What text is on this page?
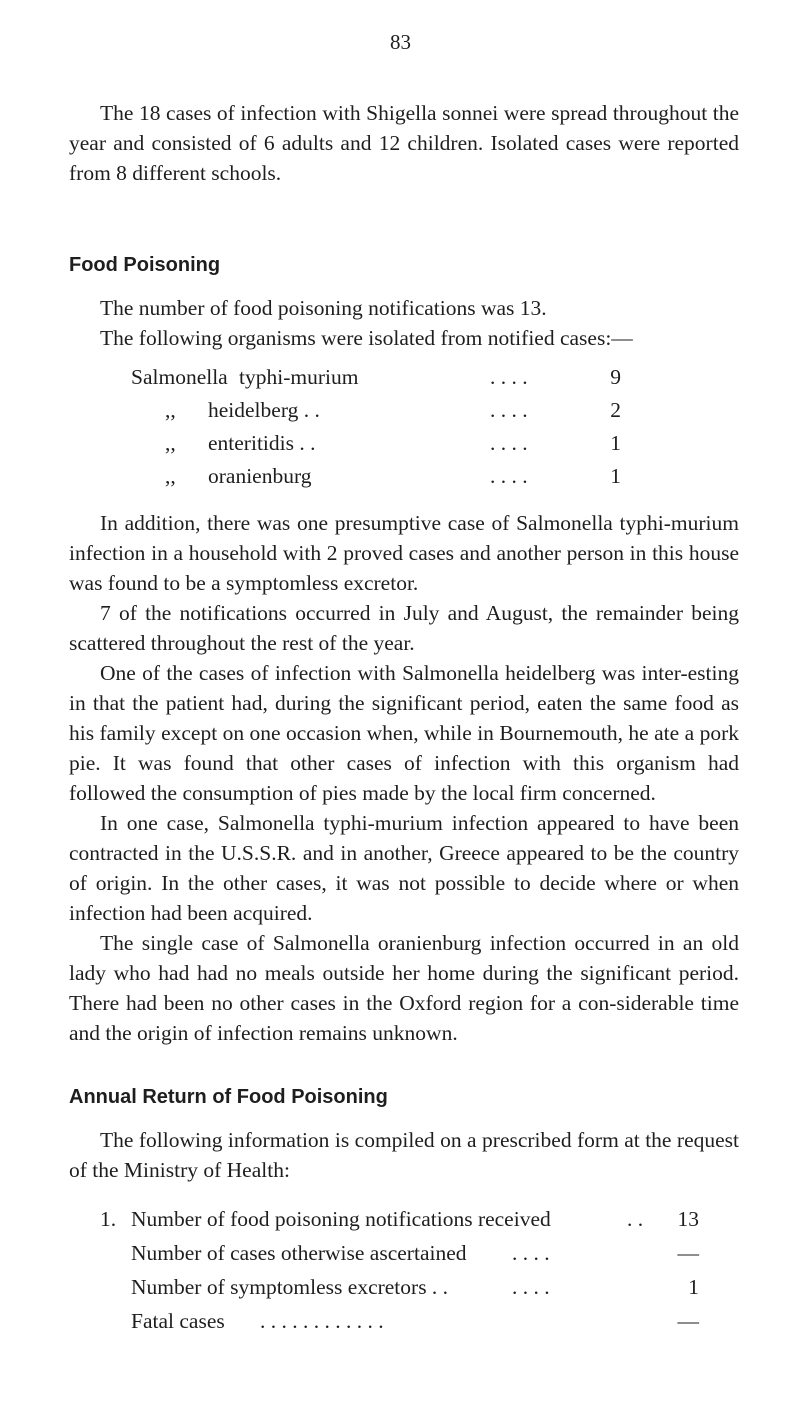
83

The 18 cases of infection with Shigella sonnei were spread throughout the year and consisted of 6 adults and 12 children. Isolated cases were reported from 8 different schools.

Food Poisoning

The number of food poisoning notifications was 13.

The following organisms were isolated from notified cases:—

Salmonella typhi-murium	. . . .	9
,, heidelberg . .	. . . .	2
,, enteritidis . .	. . . .	1
,, oranienburg	. . . .	1

In addition, there was one presumptive case of Salmonella typhi-murium infection in a household with 2 proved cases and another person in this house was found to be a symptomless excretor.

7 of the notifications occurred in July and August, the remainder being scattered throughout the rest of the year.

One of the cases of infection with Salmonella heidelberg was inter-esting in that the patient had, during the significant period, eaten the same food as his family except on one occasion when, while in Bournemouth, he ate a pork pie. It was found that other cases of infection with this organism had followed the consumption of pies made by the local firm concerned.

In one case, Salmonella typhi-murium infection appeared to have been contracted in the U.S.S.R. and in another, Greece appeared to be the country of origin. In the other cases, it was not possible to decide where or when infection had been acquired.

The single case of Salmonella oranienburg infection occurred in an old lady who had had no meals outside her home during the significant period. There had been no other cases in the Oxford region for a con-siderable time and the origin of infection remains unknown.

Annual Return of Food Poisoning

The following information is compiled on a prescribed form at the request of the Ministry of Health:

1. Number of food poisoning notifications received	. .	13
Number of cases otherwise ascertained . . . .	—
Number of symptomless excretors . .	. . . .	1
Fatal cases . . . . . . . . . . . .	—
